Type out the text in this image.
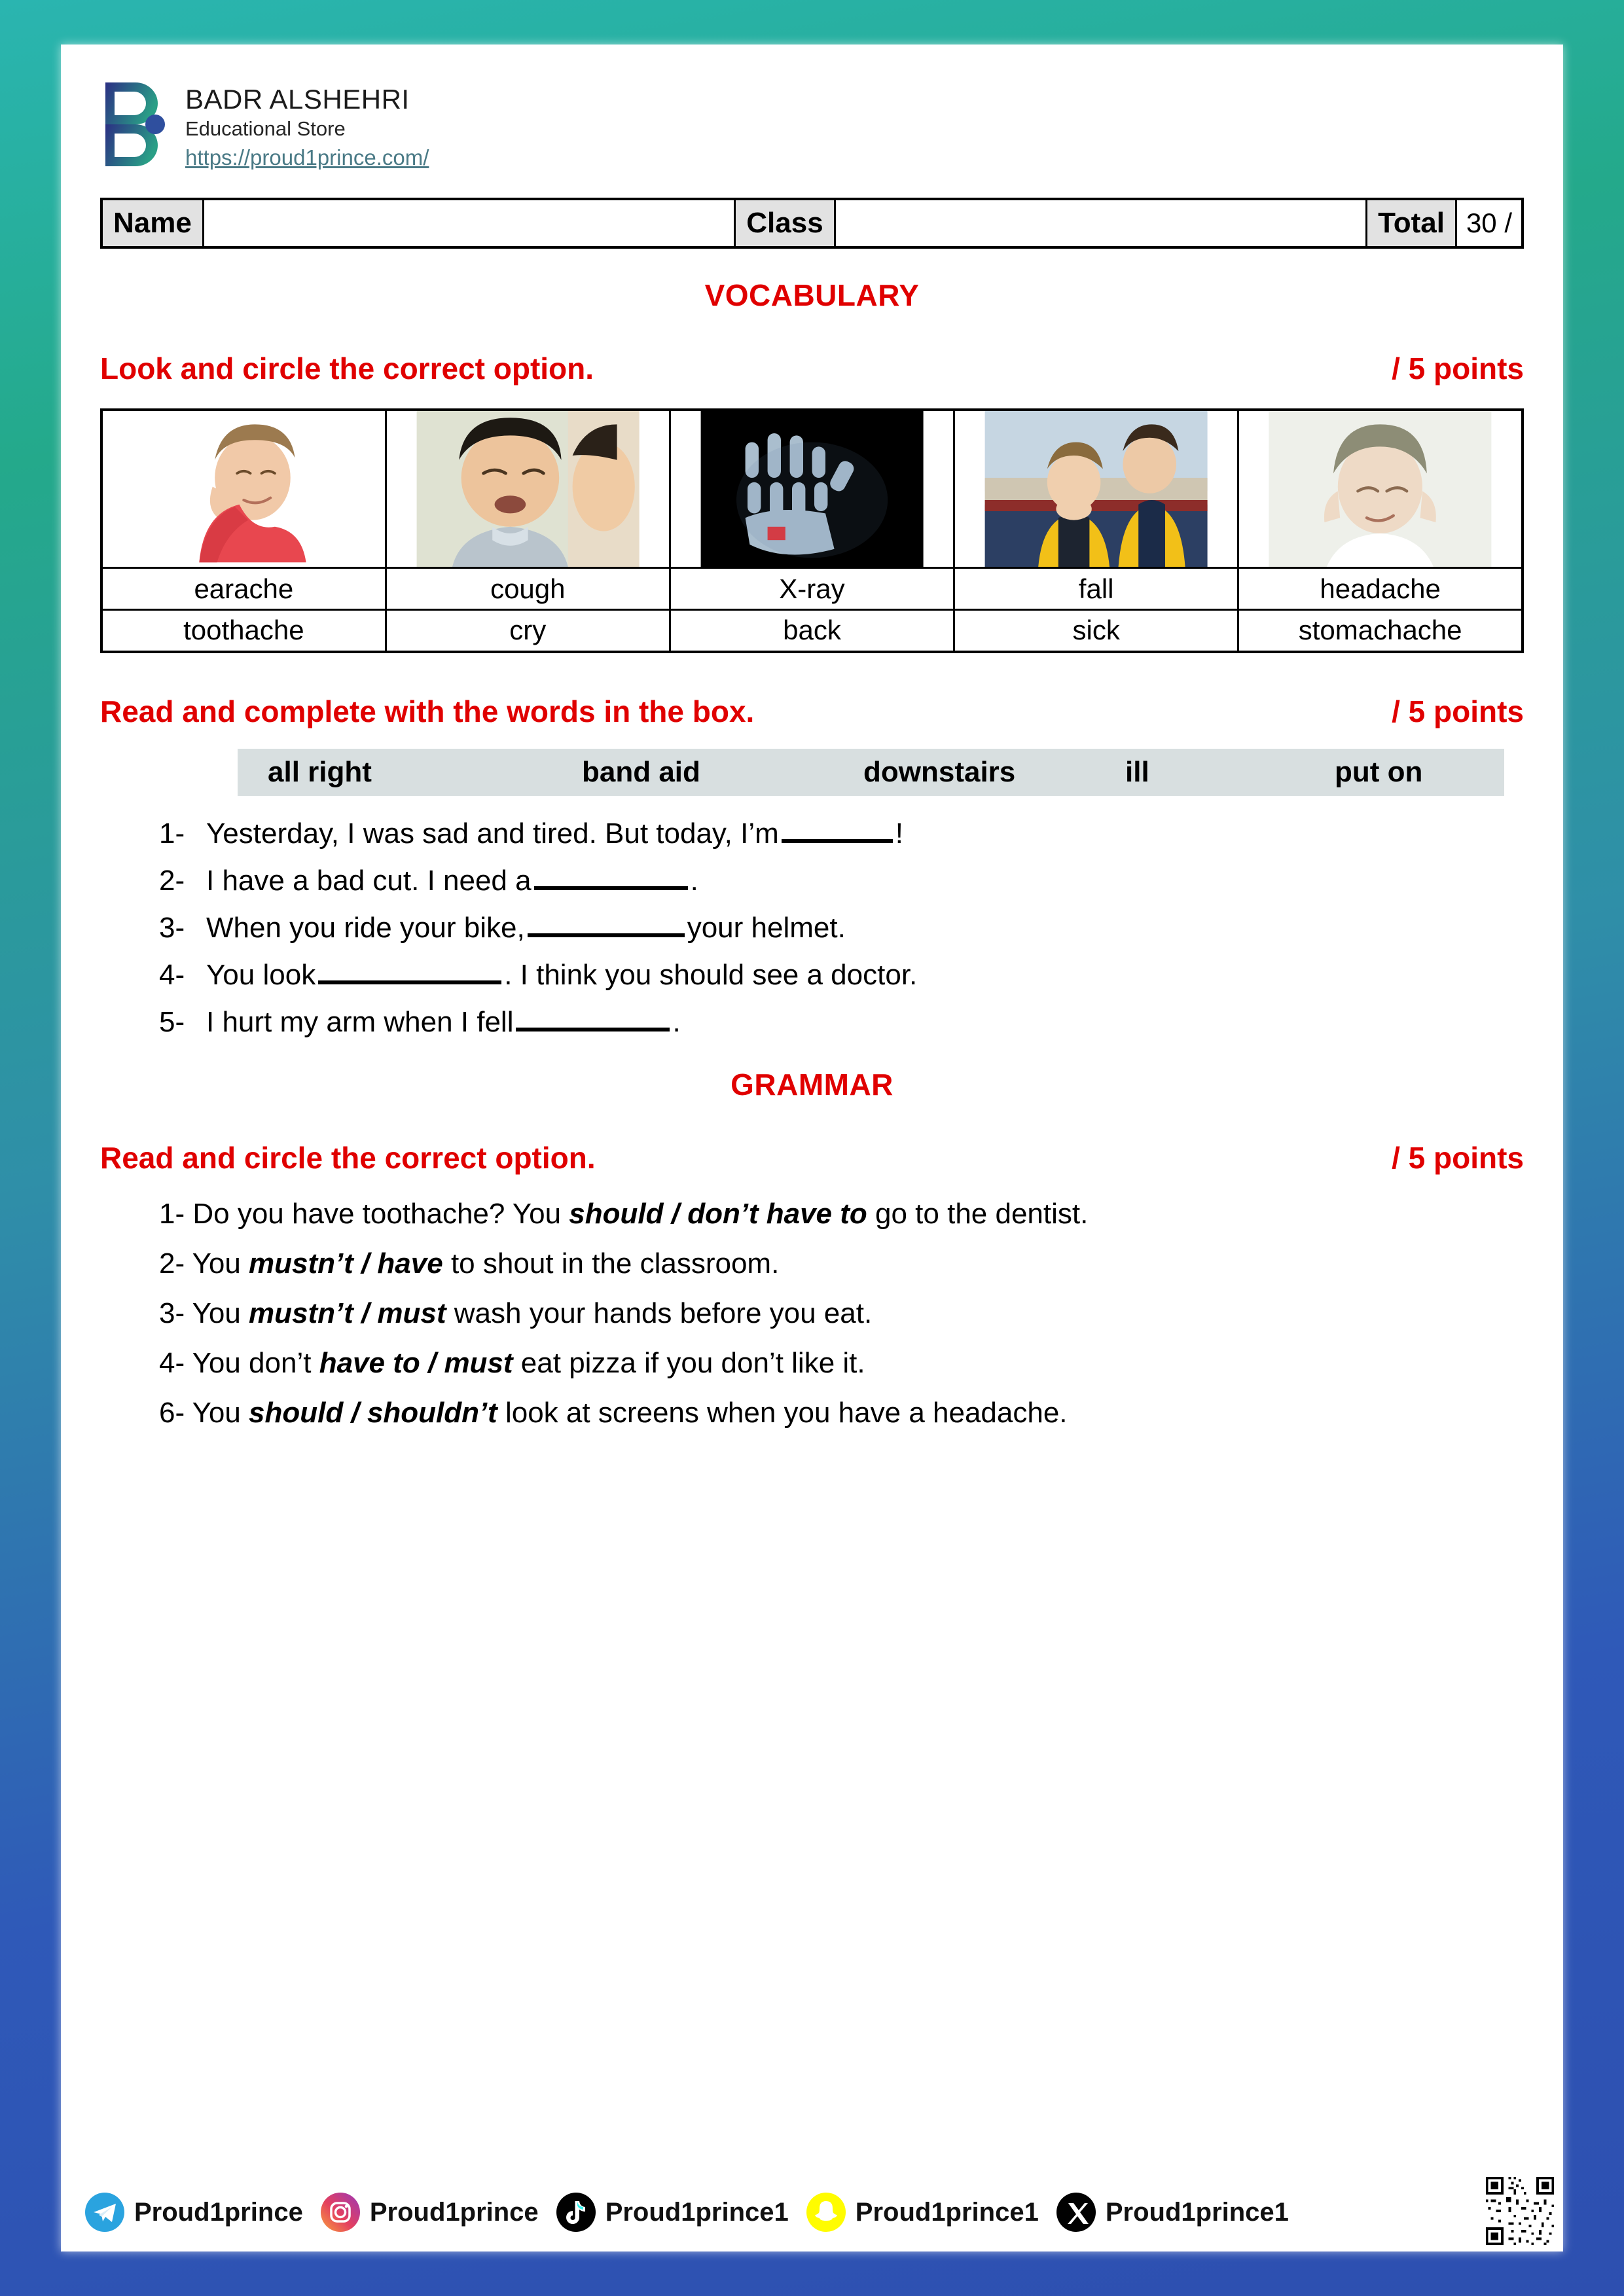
BADR ALSHEHRI
Educational Store
https://proud1prince.com/
Name	Class	Total 30 /
VOCABULARY
Look and circle the correct option.	/ 5 points

earache	cough	X-ray	fall	headache
toothache	cry	back	sick	stomachache
Read and complete with the words in the box.	/ 5 points
all right	band aid	downstairs	ill	put on
1- Yesterday, I was sad and tired. But today, I’m	!
2- I have a bad cut. I need a	.
3- When you ride your bike,	your helmet.
4- You look	. I think you should see a doctor.
5- I hurt my arm when I fell	.
GRAMMAR
Read and circle the correct option.	/ 5 points
1- Do you have toothache? You should / don’t have to go to the dentist.
2- You mustn’t / have to shout in the classroom.
3- You mustn’t / must wash your hands before you eat.
4- You don’t have to / must eat pizza if you don’t like it.
6- You should / shouldn’t look at screens when you have a headache.
Proud1prince	Proud1prince	Proud1prince1	Proud1prince1	Proud1prince1
